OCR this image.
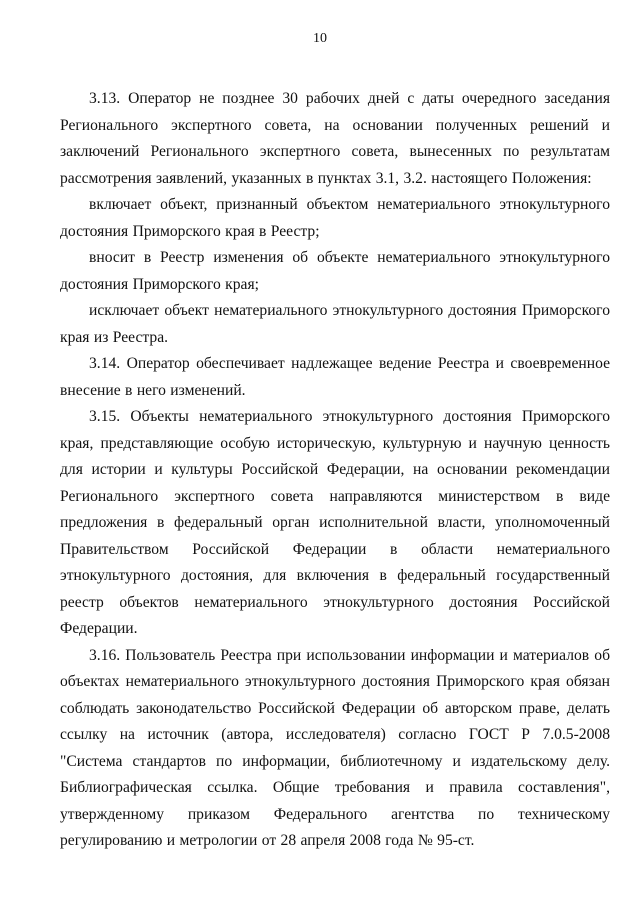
10

3.13. Оператор не позднее 30 рабочих дней с даты очередного заседания Регионального экспертного совета, на основании полученных решений и заключений Регионального экспертного совета, вынесенных по результатам рассмотрения заявлений, указанных в пунктах 3.1, 3.2. настоящего Положения:

включает объект, признанный объектом нематериального этнокультурного достояния Приморского края в Реестр;

вносит в Реестр изменения об объекте нематериального этнокультурного достояния Приморского края;

исключает объект нематериального этнокультурного достояния Приморского края из Реестра.

3.14. Оператор обеспечивает надлежащее ведение Реестра и своевременное внесение в него изменений.

3.15. Объекты нематериального этнокультурного достояния Приморского края, представляющие особую историческую, культурную и научную ценность для истории и культуры Российской Федерации, на основании рекомендации Регионального экспертного совета направляются министерством в виде предложения в федеральный орган исполнительной власти, уполномоченный Правительством Российской Федерации в области нематериального этнокультурного достояния, для включения в федеральный государственный реестр объектов нематериального этнокультурного достояния Российской Федерации.

3.16. Пользователь Реестра при использовании информации и материалов об объектах нематериального этнокультурного достояния Приморского края обязан соблюдать законодательство Российской Федерации об авторском праве, делать ссылку на источник (автора, исследователя) согласно ГОСТ Р 7.0.5-2008 "Система стандартов по информации, библиотечному и издательскому делу. Библиографическая ссылка. Общие требования и правила составления", утвержденному приказом Федерального агентства по техническому регулированию и метрологии от 28 апреля 2008 года № 95-ст.
